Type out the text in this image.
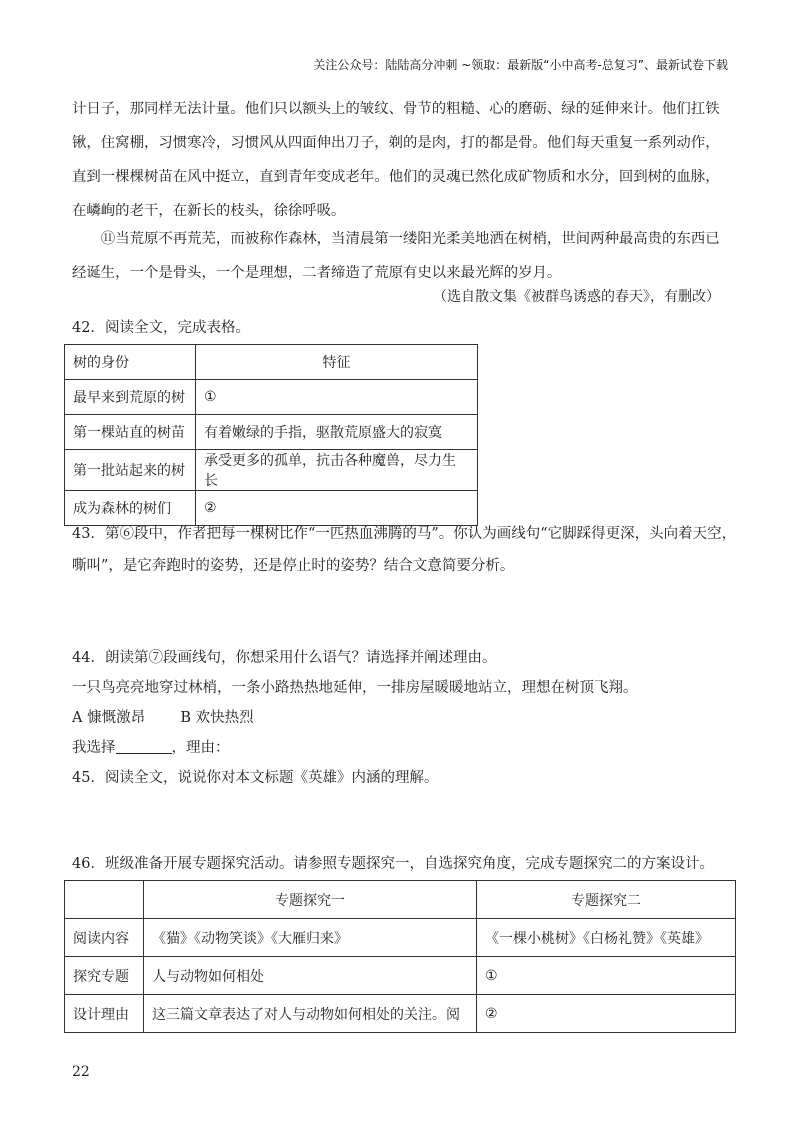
关注公众号：陆陆高分冲刺 ~领取：最新版“小中高考-总复习”、最新试卷下载
计日子，那同样无法计量。他们只以额头上的皱纹、骨节的粗糙、心的磨砺、绿的延伸来计。他们扛铁锹，住窝棚，习惯寒冷，习惯风从四面伸出刀子，剃的是肉，打的都是骨。他们每天重复一系列动作，直到一棵棵树苗在风中挺立，直到青年变成老年。他们的灵魂已然化成矿物质和水分，回到树的血脉，在嶙峋的老干，在新长的枝头，徐徐呼吸。
⑪当荒原不再荒芜，而被称作森林，当清晨第一缕阳光柔美地洒在树梢，世间两种最高贵的东西已经诞生，一个是骨头，一个是理想，二者缔造了荒原有史以来最光辉的岁月。
（选自散文集《被群鸟诱惑的春天》，有删改）
42．阅读全文，完成表格。
树的身份	特征
最早来到荒原的树	①
第一棵站直的树苗	有着嫩绿的手指，驱散荒原盛大的寂寞
第一批站起来的树	承受更多的孤单，抗击各种魔兽，尽力生长
成为森林的树们	②
43．第⑥段中，作者把每一棵树比作“一匹热血沸腾的马”。你认为画线句“它脚踩得更深，头向着天空，
嘶叫”，是它奔跑时的姿势，还是停止时的姿势？结合文意简要分析。
44．朗读第⑦段画线句，你想采用什么语气？请选择并阐述理由。
一只鸟亮亮地穿过林梢，一条小路热热地延伸，一排房屋暖暖地站立，理想在树顶飞翔。
A 慷慨激昂 B 欢快热烈
我选择	，理由：
45．阅读全文，说说你对本文标题《英雄》内涵的理解。
46．班级准备开展专题探究活动。请参照专题探究一，自选探究角度，完成专题探究二的方案设计。
	专题探究一	专题探究二
阅读内容	《猫》《动物笑谈》《大雁归来》	《一棵小桃树》《白杨礼赞》《英雄》
探究专题	人与动物如何相处	①
设计理由	这三篇文章表达了对人与动物如何相处的关注。阅	②
22
